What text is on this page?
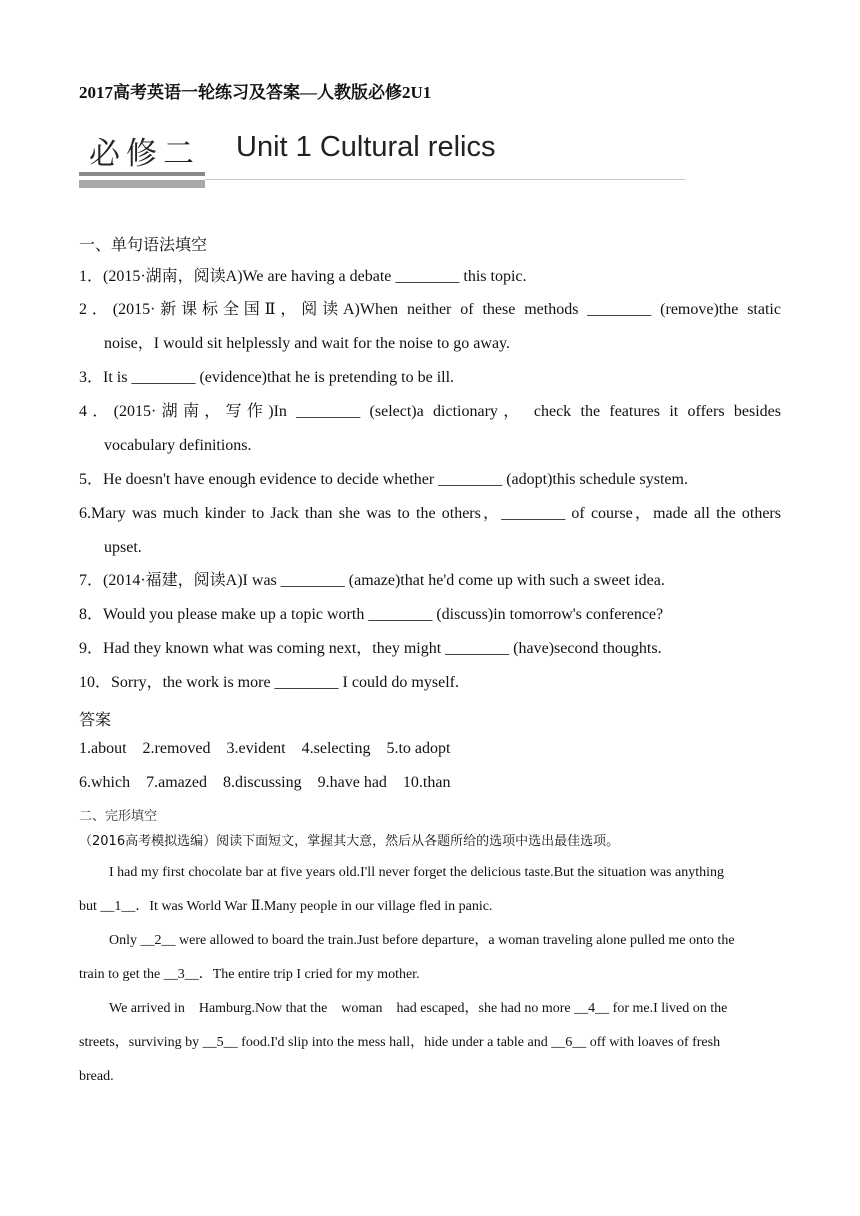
2017高考英语一轮练习及答案—人教版必修2U1
必修二 Unit 1 Cultural relics
一、单句语法填空
1．(2015·湖南，阅读A)We are having a debate ________ this topic.
2．(2015·新课标全国Ⅱ，阅读A)When neither of these methods ________ (remove)the static
noise，I would sit helplessly and wait for the noise to go away.
3．It is ________ (evidence)that he is pretending to be ill.
4．(2015·湖南，写作)In ________ (select)a dictionary， check the features it offers besides
vocabulary definitions.
5．He doesn't have enough evidence to decide whether ________ (adopt)this schedule system.
6.Mary was much kinder to Jack than she was to the others，________ of course，made all the others
upset.
7．(2014·福建，阅读A)I was ________ (amaze)that he'd come up with such a sweet idea.
8．Would you please make up a topic worth ________ (discuss)in tomorrow's conference?
9．Had they known what was coming next，they might ________ (have)second thoughts.
10．Sorry，the work is more ________ I could do myself.
答案
1.about    2.removed    3.evident    4.selecting    5.to adopt
6.which    7.amazed    8.discussing    9.have had    10.than
二、完形填空
（2016高考模拟选编）阅读下面短文，掌握其大意，然后从各题所给的选项中选出最佳选项。
I had my first chocolate bar at five years old.I'll never forget the delicious taste.But the situation was anything
but __1__．It was World War Ⅱ.Many people in our village fled in panic.
Only __2__ were allowed to board the train.Just before departure，a woman traveling alone pulled me onto the
train to get the __3__．The entire trip I cried for my mother.
We arrived in    Hamburg.Now that the    woman    had escaped，she had no more __4__ for me.I lived on the
streets，surviving by __5__ food.I'd slip into the mess hall，hide under a table and __6__ off with loaves of fresh
bread.
